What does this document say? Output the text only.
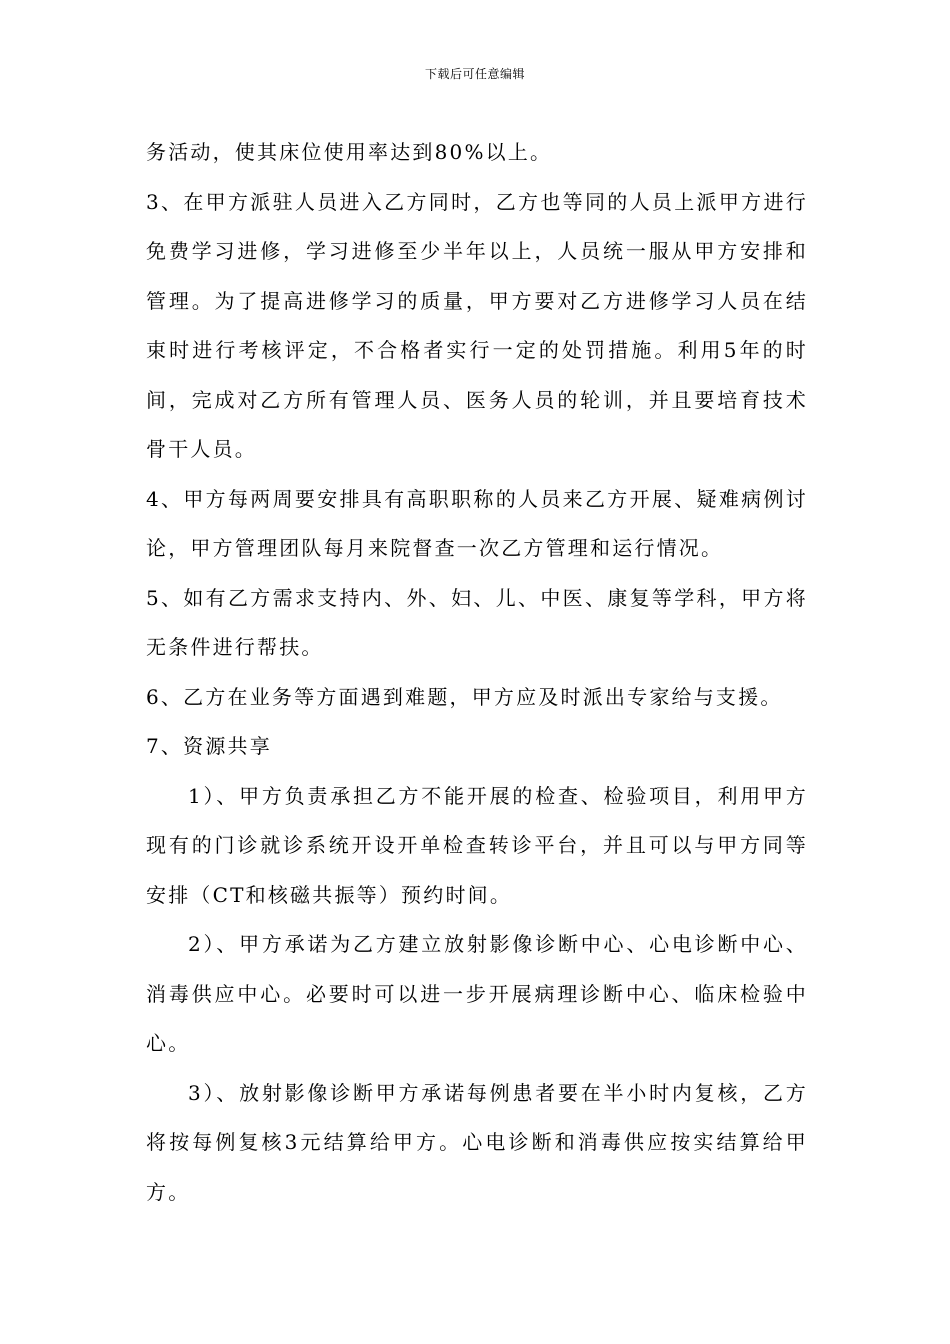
下载后可任意编辑

务活动，使其床位使用率达到80%以上。

3、在甲方派驻人员进入乙方同时，乙方也等同的人员上派甲方进行免费学习进修，学习进修至少半年以上，人员统一服从甲方安排和管理。为了提高进修学习的质量，甲方要对乙方进修学习人员在结束时进行考核评定，不合格者实行一定的处罚措施。利用5年的时间，完成对乙方所有管理人员、医务人员的轮训，并且要培育技术骨干人员。

4、甲方每两周要安排具有高职职称的人员来乙方开展、疑难病例讨论，甲方管理团队每月来院督查一次乙方管理和运行情况。

5、如有乙方需求支持内、外、妇、儿、中医、康复等学科，甲方将无条件进行帮扶。

6、乙方在业务等方面遇到难题，甲方应及时派出专家给与支援。

7、资源共享

1）、甲方负责承担乙方不能开展的检查、检验项目，利用甲方现有的门诊就诊系统开设开单检查转诊平台，并且可以与甲方同等安排（CT和核磁共振等）预约时间。

2）、甲方承诺为乙方建立放射影像诊断中心、心电诊断中心、消毒供应中心。必要时可以进一步开展病理诊断中心、临床检验中心。

3）、放射影像诊断甲方承诺每例患者要在半小时内复核，乙方将按每例复核3元结算给甲方。心电诊断和消毒供应按实结算给甲方。
